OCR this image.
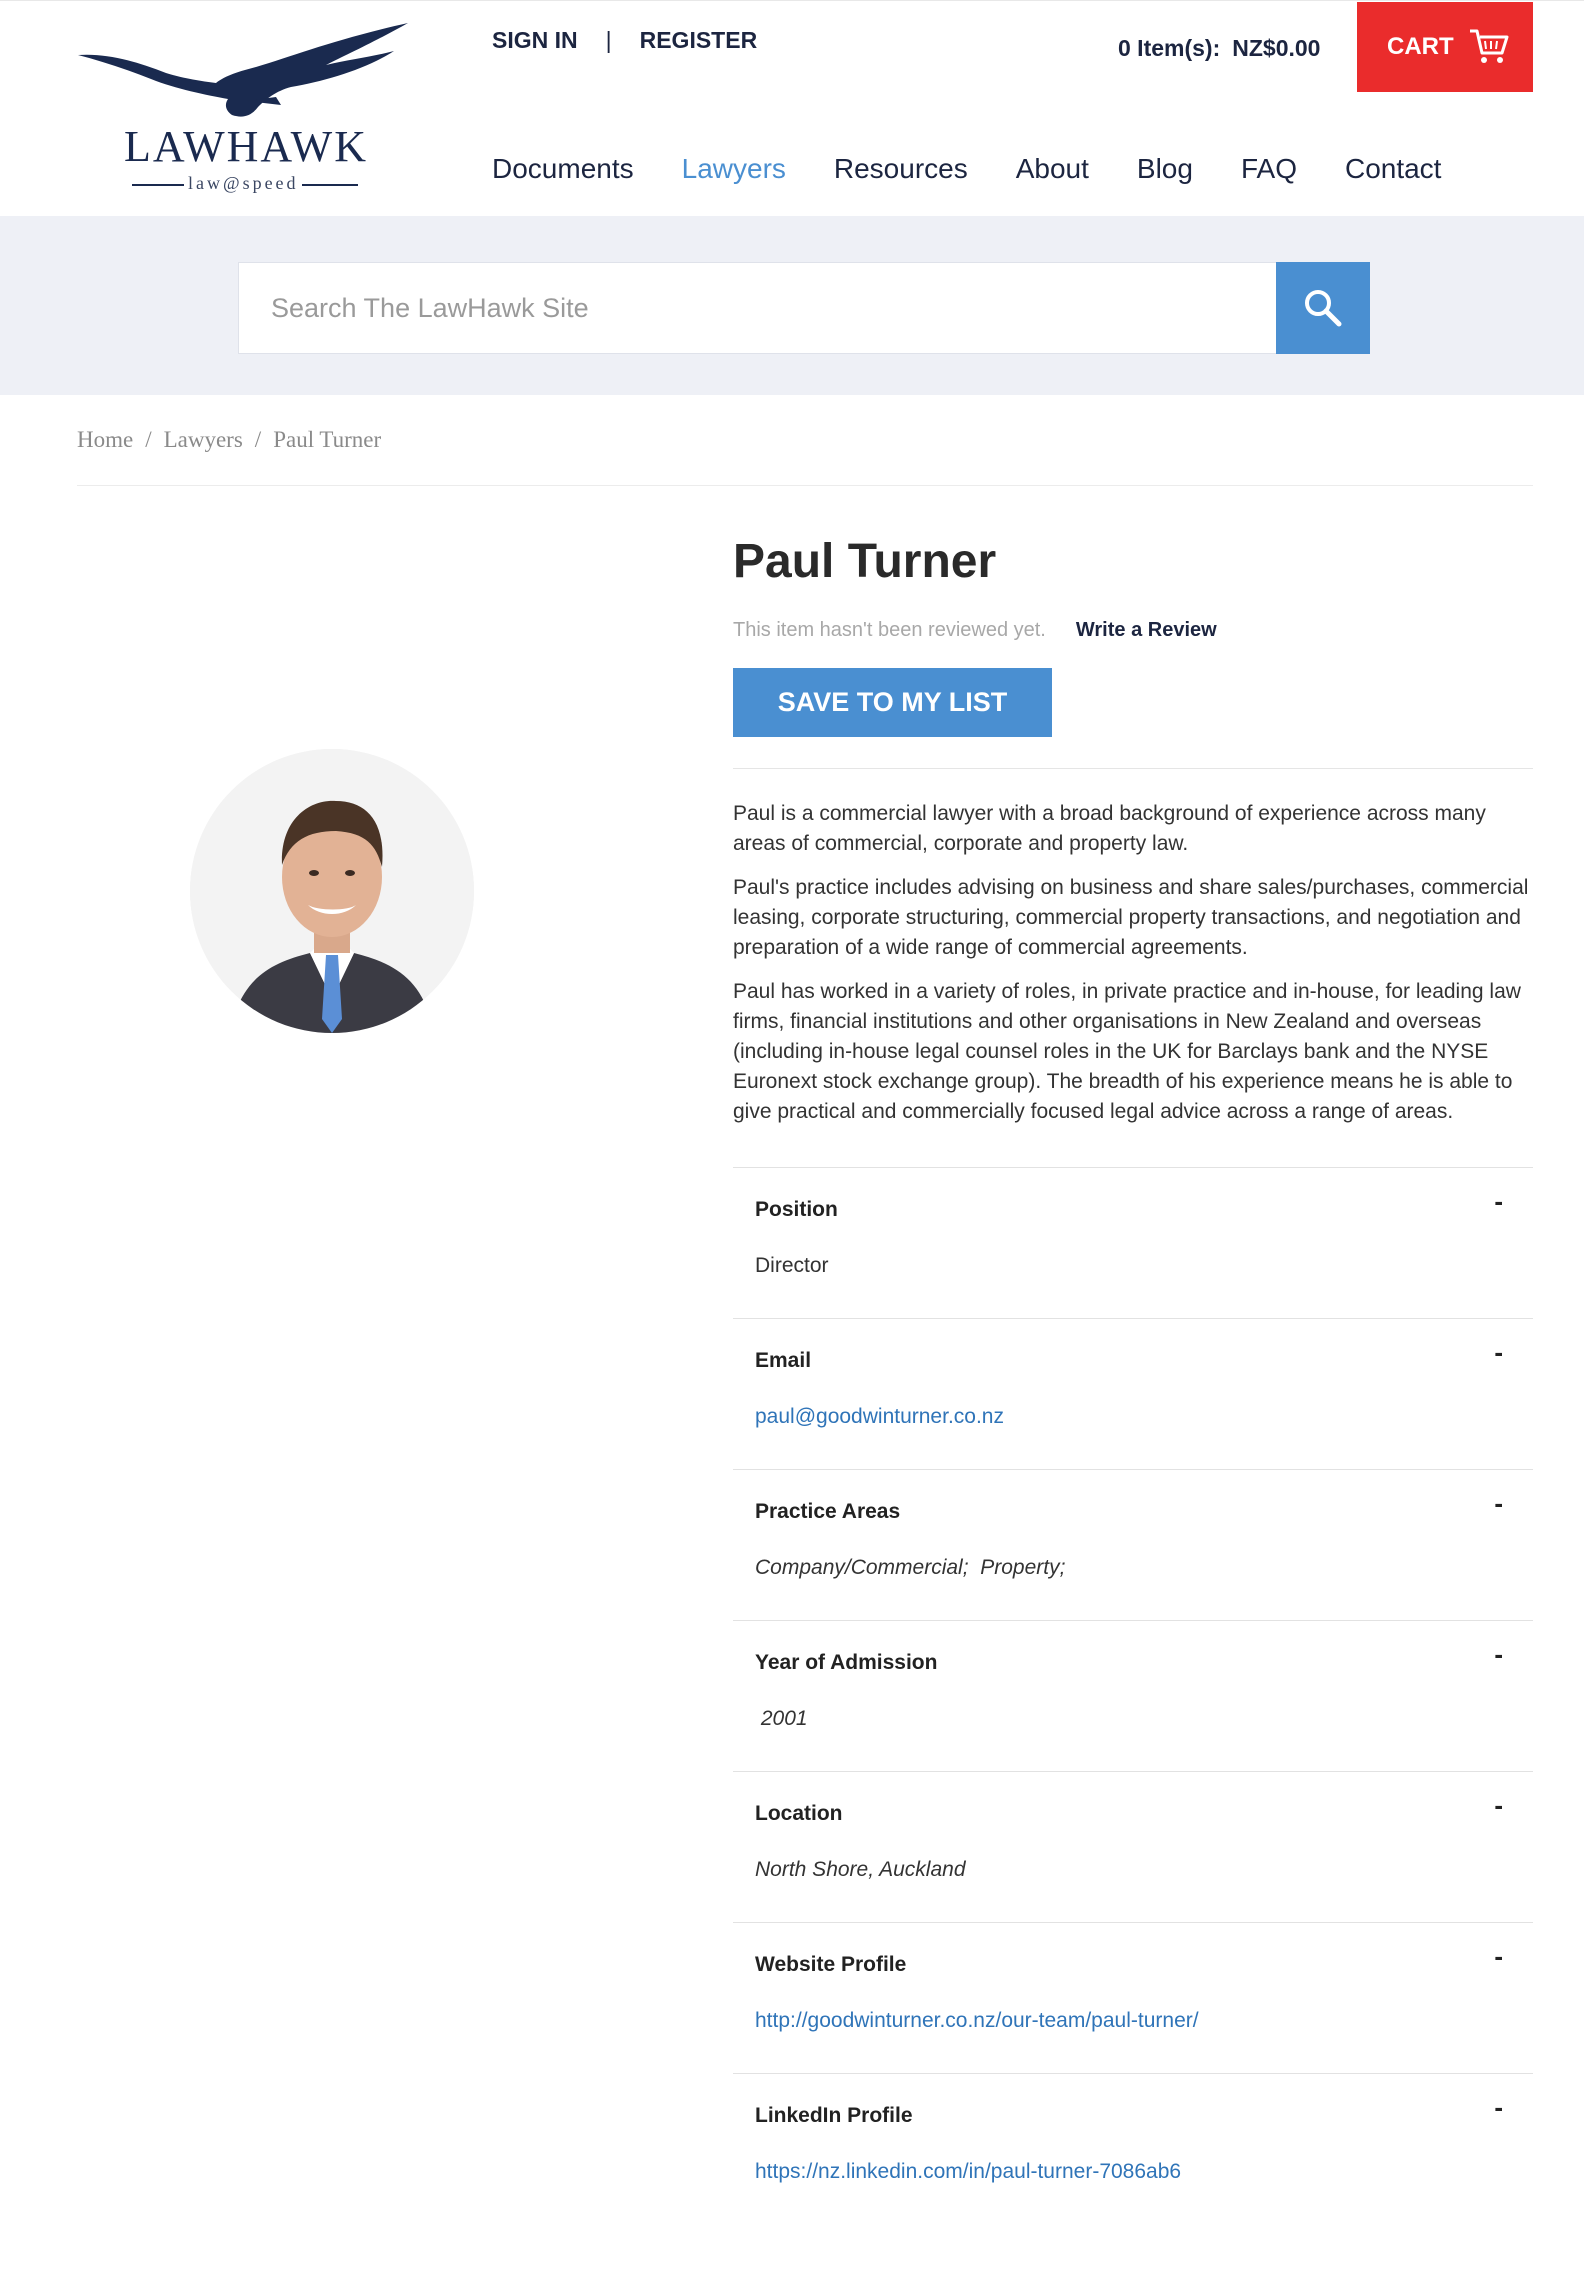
LAWHAWK
law@speed
SIGN IN | REGISTER	0 Item(s): NZ$0.00	CART
Documents Lawyers Resources About Blog FAQ Contact
Search The LawHawk Site
Home / Lawyers / Paul Turner
Paul Turner
This item hasn't been reviewed yet. Write a Review
SAVE TO MY LIST

Paul is a commercial lawyer with a broad background of experience across many areas of commercial, corporate and property law.

Paul's practice includes advising on business and share sales/purchases, commercial leasing, corporate structuring, commercial property transactions, and negotiation and preparation of a wide range of commercial agreements.

Paul has worked in a variety of roles, in private practice and in-house, for leading law firms, financial institutions and other organisations in New Zealand and overseas (including in-house legal counsel roles in the UK for Barclays bank and the NYSE Euronext stock exchange group). The breadth of his experience means he is able to give practical and commercially focused legal advice across a range of areas.

Position	-
Director
Email	-
paul@goodwinturner.co.nz
Practice Areas	-
Company/Commercial;  Property;
Year of Admission	-
2001
Location	-
North Shore, Auckland
Website Profile	-
http://goodwinturner.co.nz/our-team/paul-turner/
LinkedIn Profile	-
https://nz.linkedin.com/in/paul-turner-7086ab6
